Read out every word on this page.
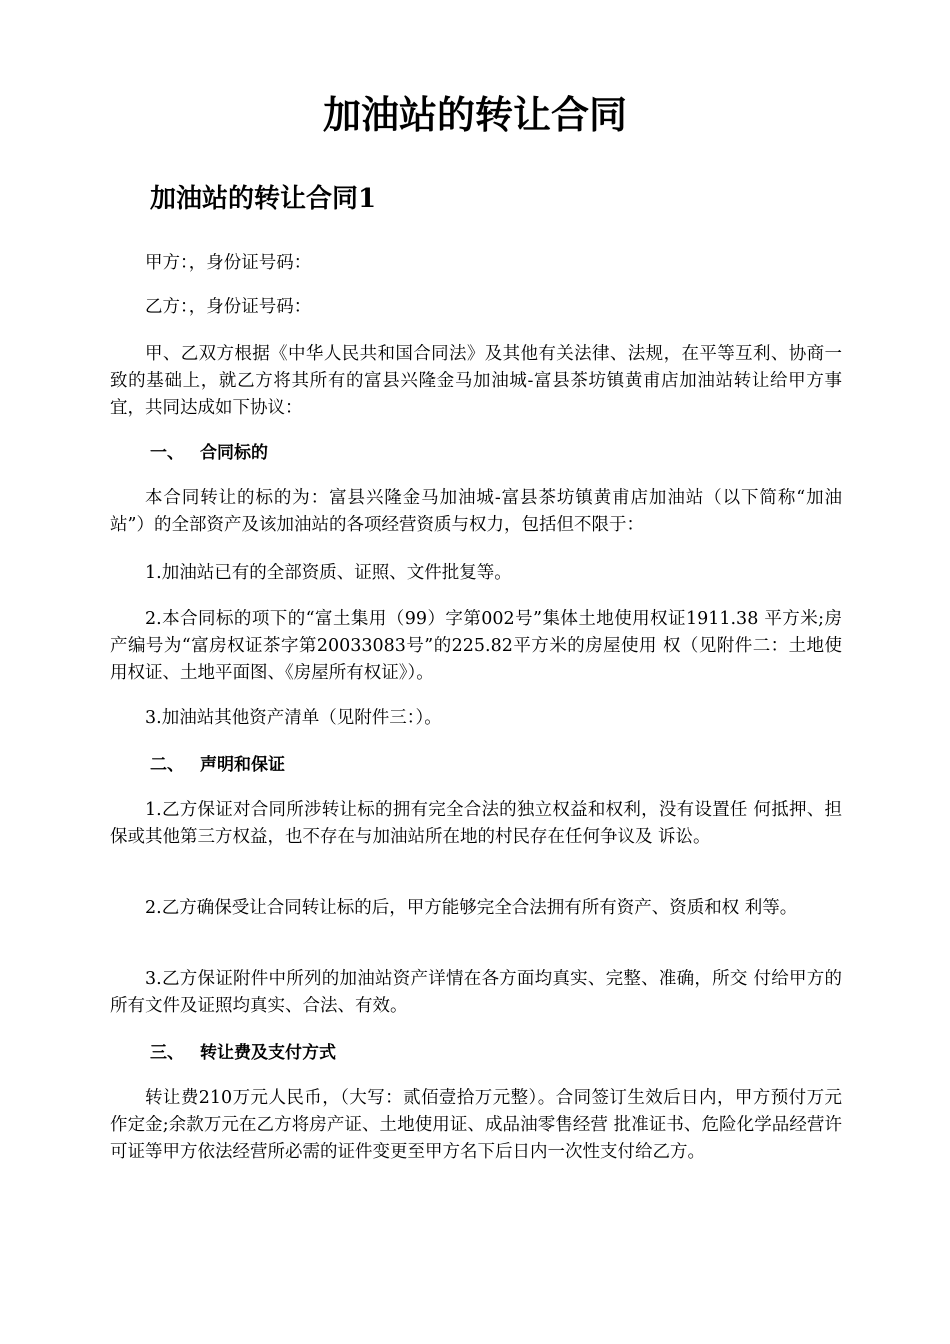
加油站的转让合同
加油站的转让合同1

甲方：，身份证号码：

乙方：，身份证号码：

甲、乙双方根据《中华人民共和国合同法》及其他有关法律、法规，在平等互利、协商一致的基础上，就乙方将其所有的富县兴隆金马加油城-富县茶坊镇黄甫店加油站转让给甲方事宜，共同达成如下协议：

一、 合同标的

本合同转让的标的为：富县兴隆金马加油城-富县茶坊镇黄甫店加油站（以下简称“加油站”）的全部资产及该加油站的各项经营资质与权力，包括但不限于：

1.加油站已有的全部资质、证照、文件批复等。

2.本合同标的项下的“富土集用（99）字第002号”集体土地使用权证1911.38 平方米;房产编号为“富房权证茶字第20033083号”的225.82平方米的房屋使用 权（见附件二：土地使用权证、土地平面图、《房屋所有权证》）。

3.加油站其他资产清单（见附件三：）。

二、 声明和保证

1.乙方保证对合同所涉转让标的拥有完全合法的独立权益和权利，没有设置任 何抵押、担保或其他第三方权益，也不存在与加油站所在地的村民存在任何争议及 诉讼。

2.乙方确保受让合同转让标的后，甲方能够完全合法拥有所有资产、资质和权 利等。

3.乙方保证附件中所列的加油站资产详情在各方面均真实、完整、准确，所交 付给甲方的所有文件及证照均真实、合法、有效。

三、 转让费及支付方式

转让费210万元人民币，（大写：贰佰壹拾万元整）。合同签订生效后日内，甲方预付万元作定金;余款万元在乙方将房产证、土地使用证、成品油零售经营 批准证书、危险化学品经营许可证等甲方依法经营所必需的证件变更至甲方名下后日内一次性支付给乙方。
